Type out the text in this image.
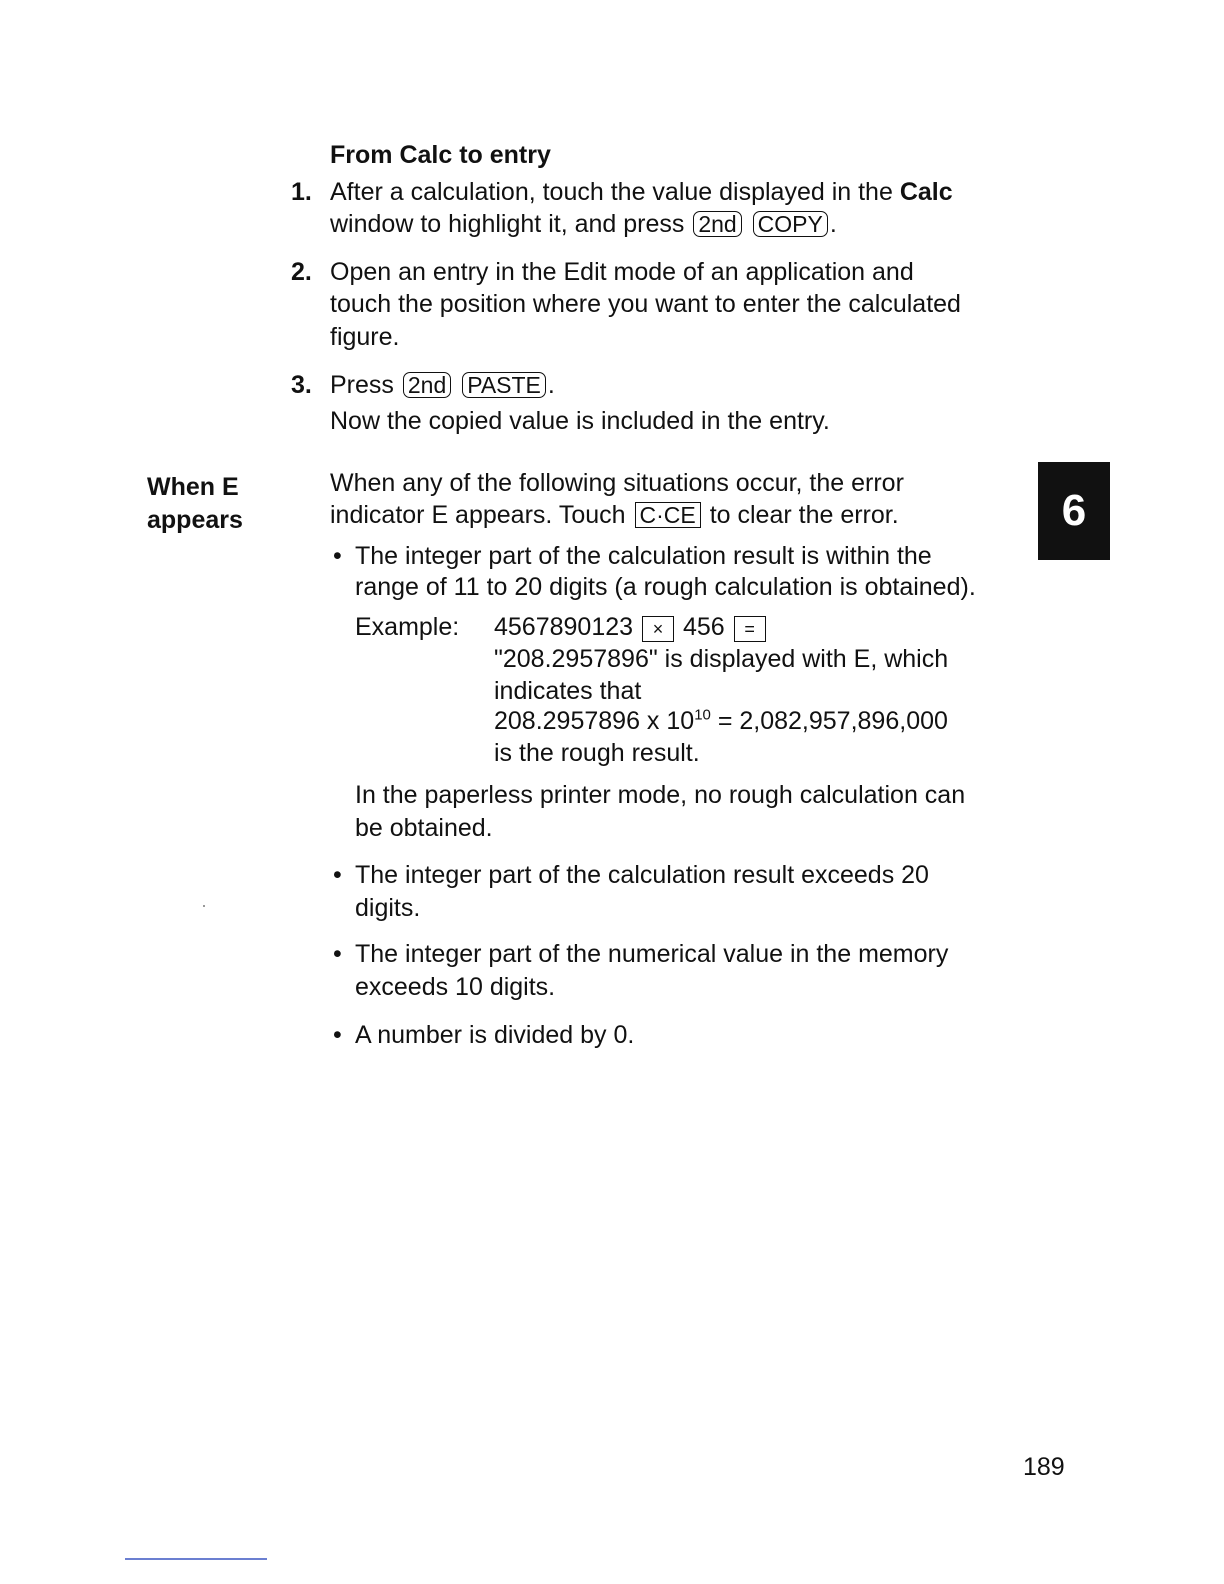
From Calc to entry
1. After a calculation, touch the value displayed in the Calc
window to highlight it, and press 2nd COPY .
2. Open an entry in the Edit mode of an application and
touch the position where you want to enter the calculated
figure.
3. Press 2nd PASTE .
Now the copied value is included in the entry.
When E
appears
When any of the following situations occur, the error
indicator E appears. Touch C·CE to clear the error.
• The integer part of the calculation result is within the
range of 11 to 20 digits (a rough calculation is obtained).
Example: 4567890123 × 456 =
"208.2957896" is displayed with E, which
indicates that
208.2957896 x $10^{10} = 2,082,957,896,000$
is the rough result.
In the paperless printer mode, no rough calculation can
be obtained.
• The integer part of the calculation result exceeds 20
digits.
• The integer part of the numerical value in the memory
exceeds 10 digits.
• A number is divided by 0.
6
189
